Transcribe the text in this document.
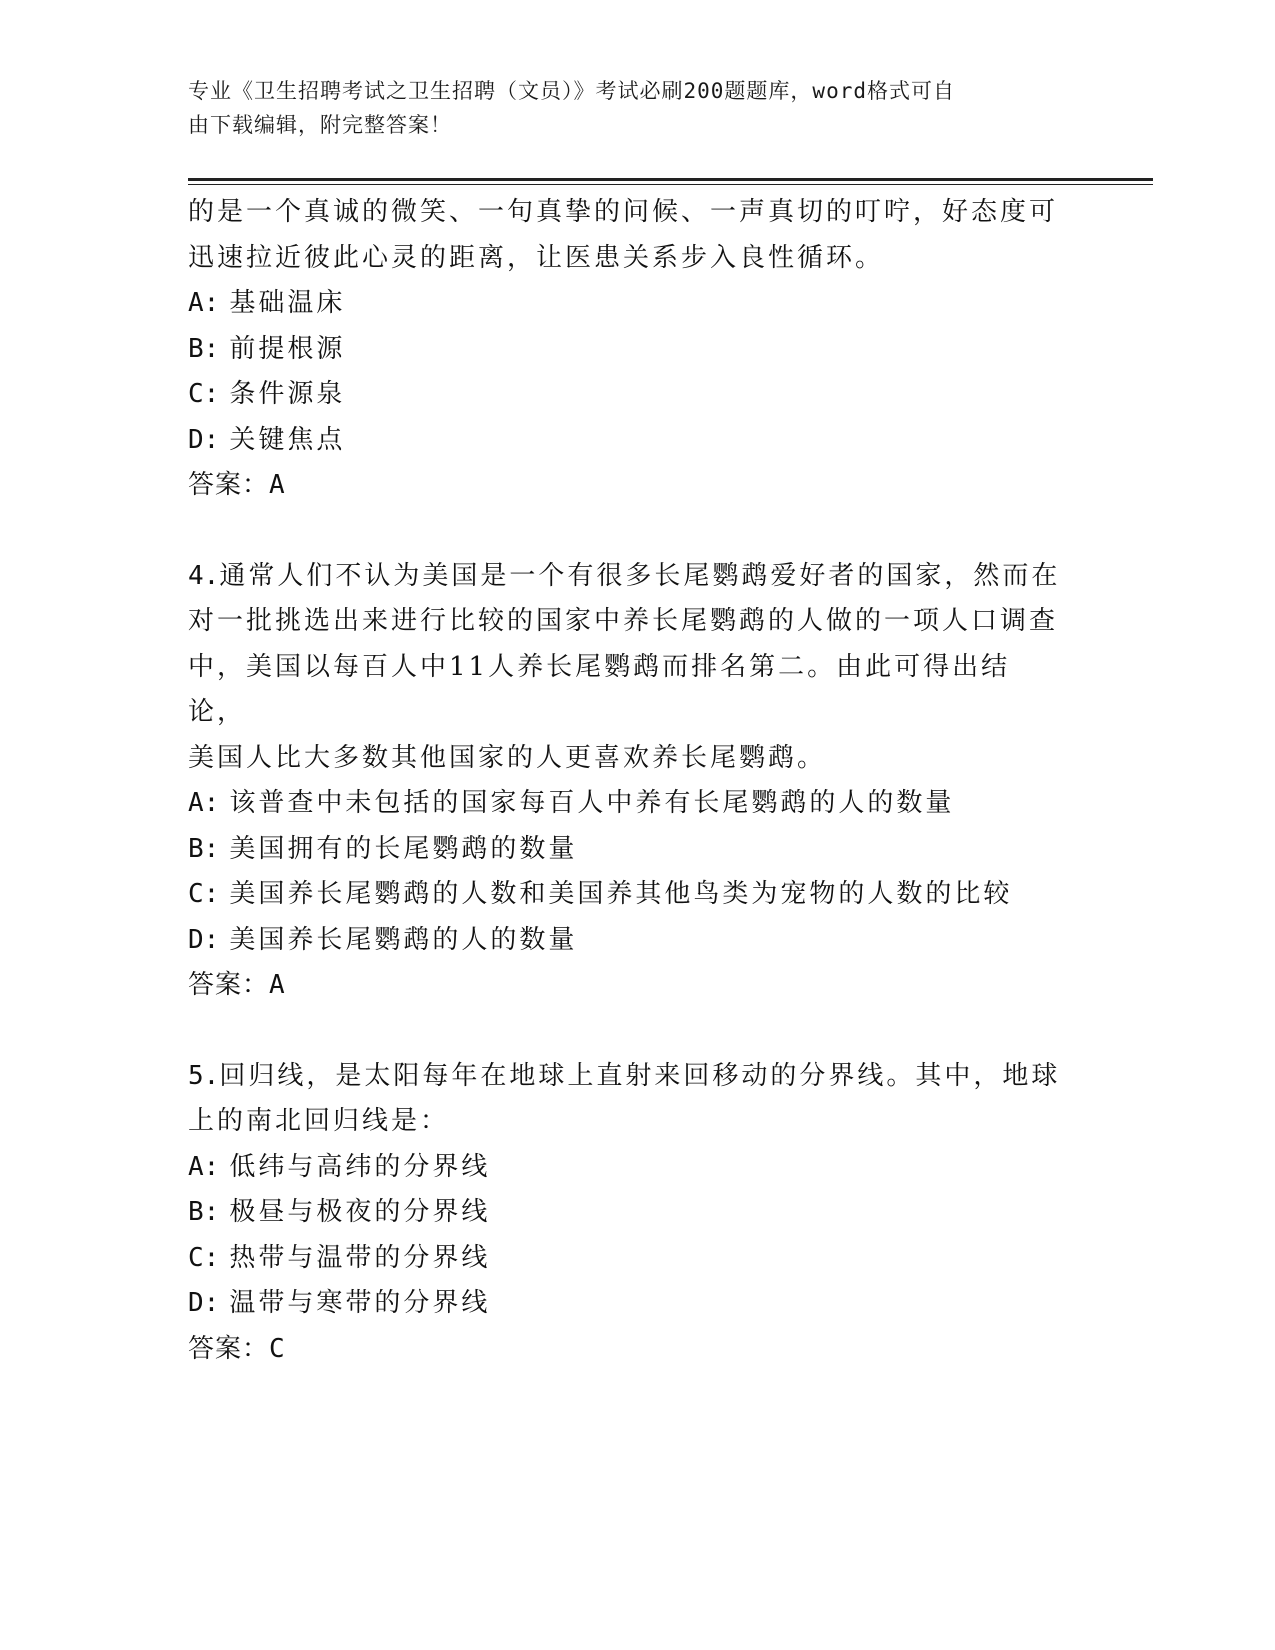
专业《卫生招聘考试之卫生招聘（文员）》考试必刷200题题库，word格式可自
由下载编辑，附完整答案！

的是一个真诚的微笑、一句真挚的问候、一声真切的叮咛，好态度可

迅速拉近彼此心灵的距离，让医患关系步入良性循环。

A: 基础温床

B: 前提根源

C: 条件源泉

D: 关键焦点

答案：A

4.通常人们不认为美国是一个有很多长尾鹦鹉爱好者的国家，然而在

对一批挑选出来进行比较的国家中养长尾鹦鹉的人做的一项人口调查

中，美国以每百人中11人养长尾鹦鹉而排名第二。由此可得出结论，

美国人比大多数其他国家的人更喜欢养长尾鹦鹉。

A: 该普查中未包括的国家每百人中养有长尾鹦鹉的人的数量

B: 美国拥有的长尾鹦鹉的数量

C: 美国养长尾鹦鹉的人数和美国养其他鸟类为宠物的人数的比较

D: 美国养长尾鹦鹉的人的数量

答案：A

5.回归线，是太阳每年在地球上直射来回移动的分界线。其中，地球

上的南北回归线是：

A: 低纬与高纬的分界线

B: 极昼与极夜的分界线

C: 热带与温带的分界线

D: 温带与寒带的分界线

答案：C
